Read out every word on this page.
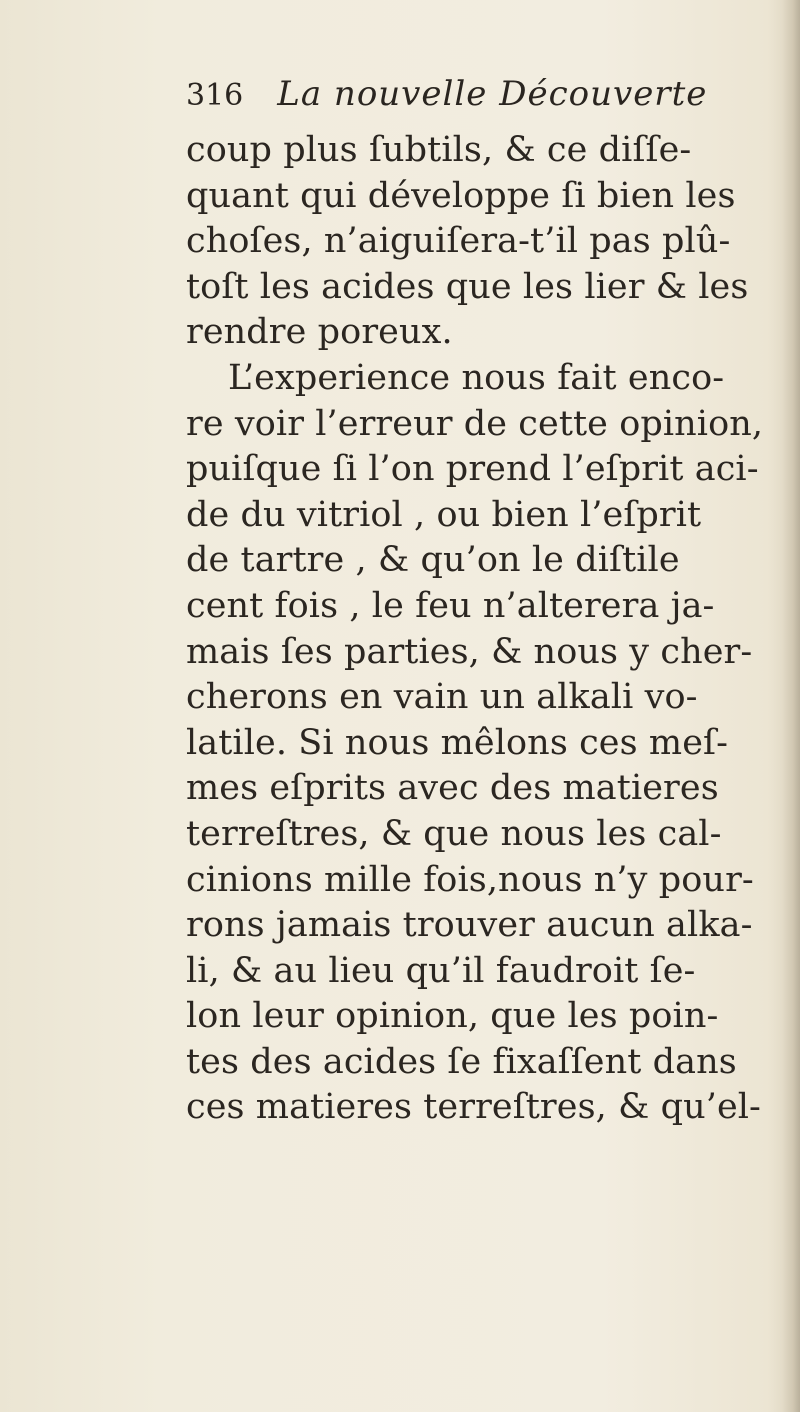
316 La nouvelle Découverte
coup plus ſubtils, & ce diſſe-
quant qui développe ſi bien les
choſes, n’aiguiſera-t’il pas plû-
toſt les acides que les lier & les
rendre poreux.
L’experience nous fait enco-
re voir l’erreur de cette opinion,
puiſque ſi l’on prend l’eſprit aci-
de du vitriol , ou bien l’eſprit
de tartre , & qu’on le diſtile
cent fois , le feu n’alterera ja-
mais ſes parties, & nous y cher-
cherons en vain un alkali vo-
latile. Si nous mêlons ces meſ-
mes eſprits avec des matieres
terreſtres, & que nous les cal-
cinions mille fois,nous n’y pour-
rons jamais trouver aucun alka-
li, & au lieu qu’il faudroit ſe-
lon leur opinion, que les poin-
tes des acides ſe fixaſſent dans
ces matieres terreſtres, & qu’el-
